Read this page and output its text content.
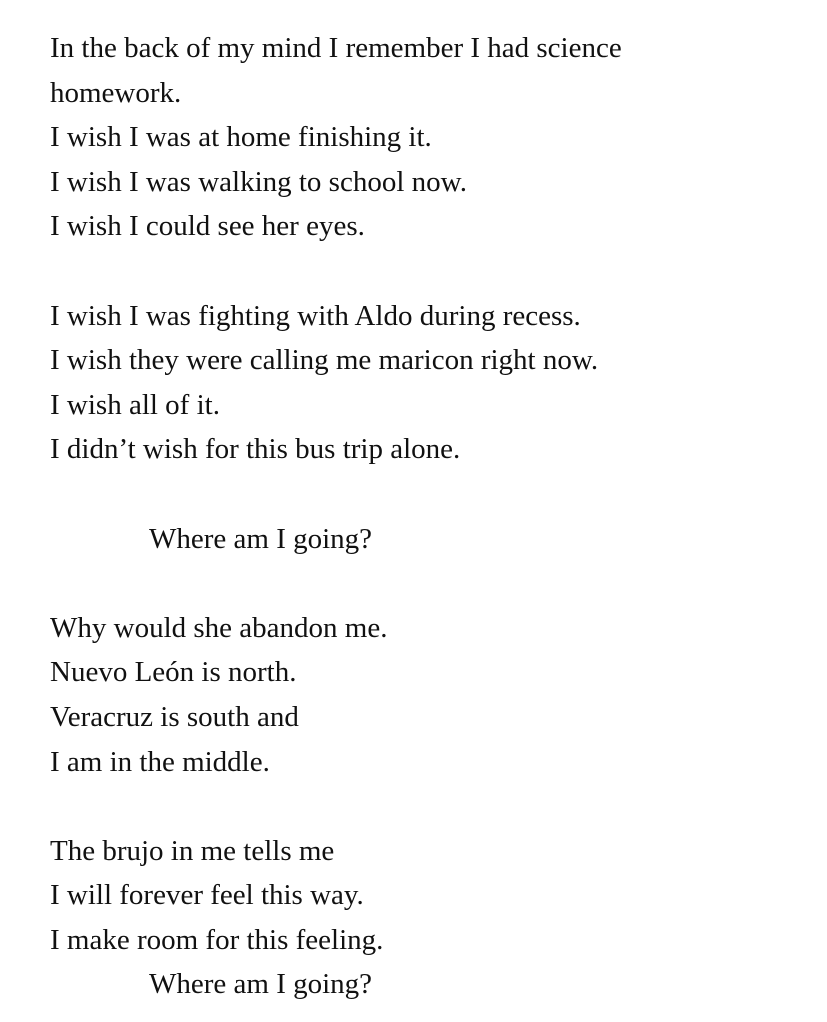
In the back of my mind I remember I had science
homework.
I wish I was at home finishing it.
I wish I was walking to school now.
I wish I could see her eyes.
I wish I was fighting with Aldo during recess.
I wish they were calling me maricon right now.
I wish all of it.
I didn’t wish for this bus trip alone.
Where am I going?
Why would she abandon me.
Nuevo León is north.
Veracruz is south and
I am in the middle.
The brujo in me tells me
I will forever feel this way.
I make room for this feeling.
Where am I going?
